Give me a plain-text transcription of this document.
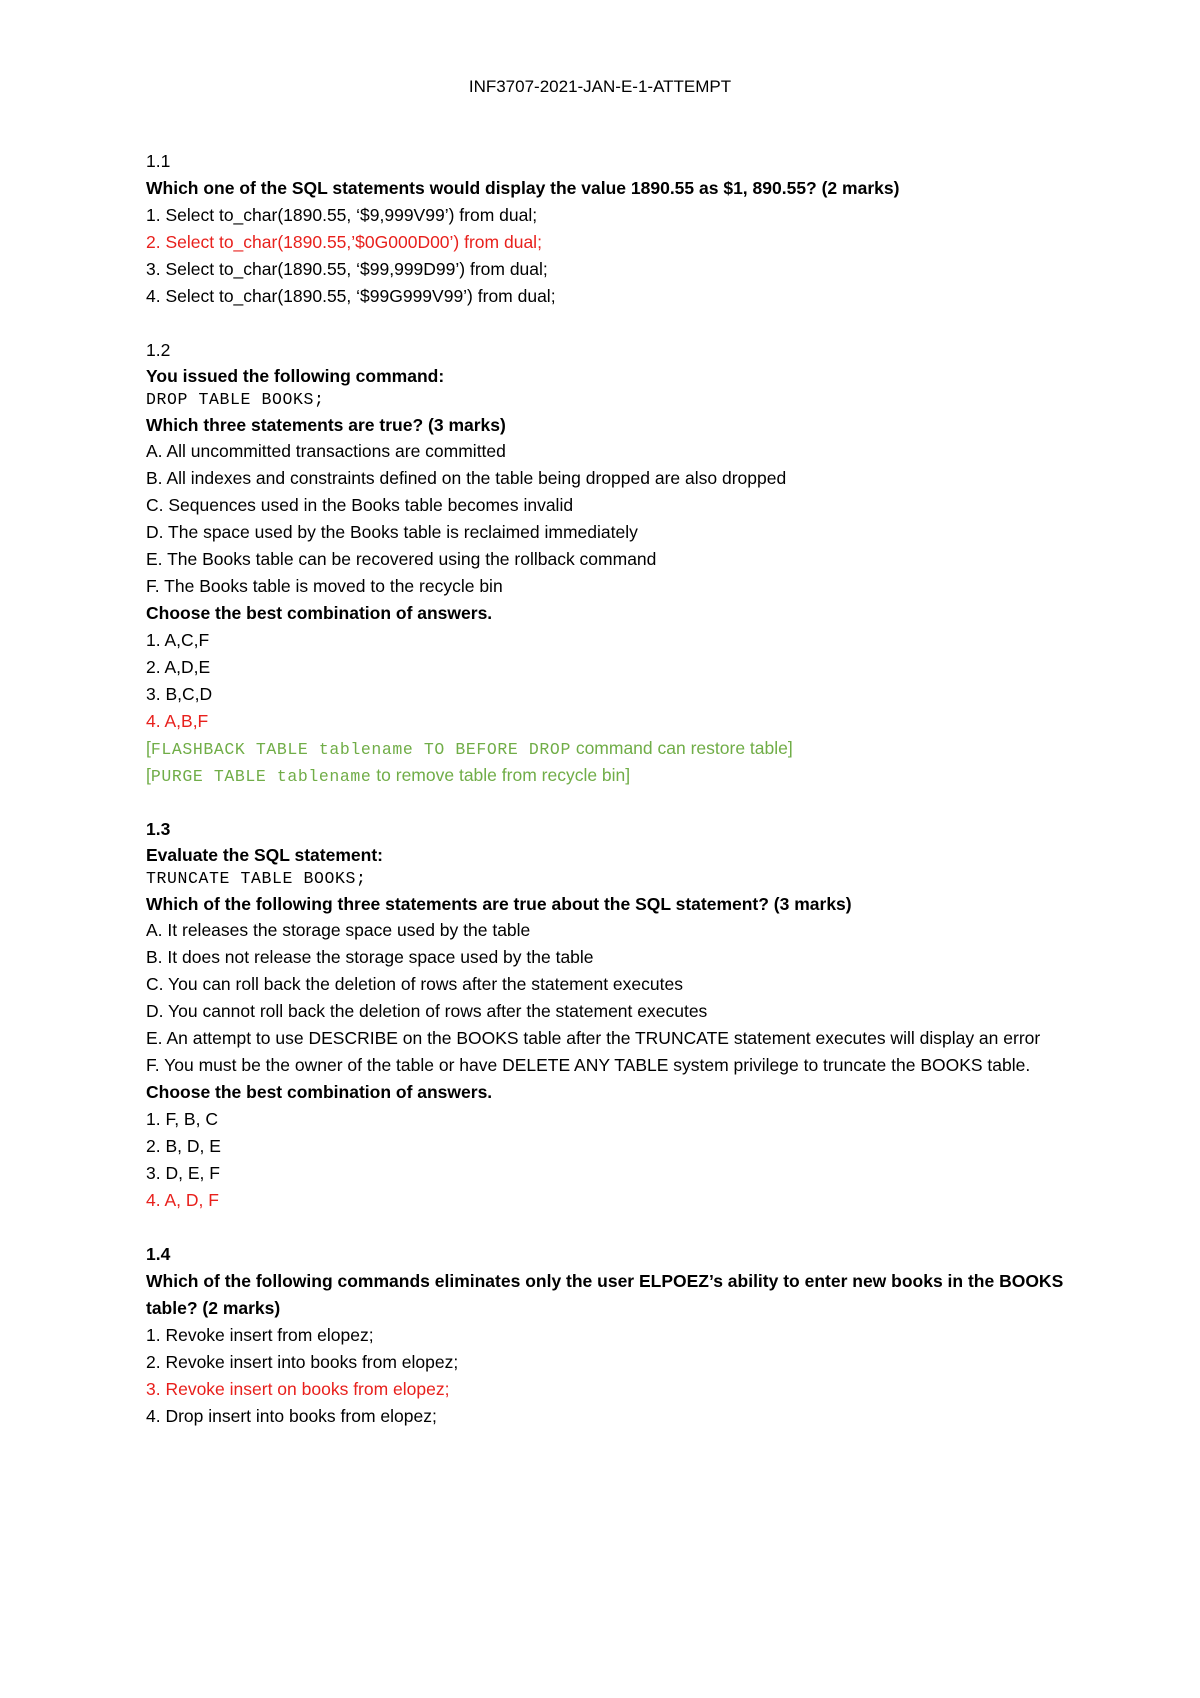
INF3707-2021-JAN-E-1-ATTEMPT
1.1
Which one of the SQL statements would display the value 1890.55 as $1, 890.55? (2 marks)
1. Select to_char(1890.55, ‘$9,999V99’) from dual;
2. Select to_char(1890.55,’$0G000D00’) from dual;
3. Select to_char(1890.55, ‘$99,999D99’) from dual;
4. Select to_char(1890.55, ‘$99G999V99’) from dual;
1.2
You issued the following command:
DROP TABLE BOOKS;
Which three statements are true? (3 marks)
A. All uncommitted transactions are committed
B. All indexes and constraints defined on the table being dropped are also dropped
C. Sequences used in the Books table becomes invalid
D. The space used by the Books table is reclaimed immediately
E. The Books table can be recovered using the rollback command
F. The Books table is moved to the recycle bin
Choose the best combination of answers.
1. A,C,F
2. A,D,E
3. B,C,D
4. A,B,F
[FLASHBACK TABLE tablename TO BEFORE DROP command can restore table]
[PURGE TABLE tablename to remove table from recycle bin]
1.3
Evaluate the SQL statement:
TRUNCATE TABLE BOOKS;
Which of the following three statements are true about the SQL statement? (3 marks)
A. It releases the storage space used by the table
B. It does not release the storage space used by the table
C. You can roll back the deletion of rows after the statement executes
D. You cannot roll back the deletion of rows after the statement executes
E. An attempt to use DESCRIBE on the BOOKS table after the TRUNCATE statement executes will display an error
F. You must be the owner of the table or have DELETE ANY TABLE system privilege to truncate the BOOKS table.
Choose the best combination of answers.
1. F, B, C
2. B, D, E
3. D, E, F
4. A, D, F
1.4
Which of the following commands eliminates only the user ELPOEZ’s ability to enter new books in the BOOKS table? (2 marks)
1. Revoke insert from elopez;
2. Revoke insert into books from elopez;
3. Revoke insert on books from elopez;
4. Drop insert into books from elopez;
